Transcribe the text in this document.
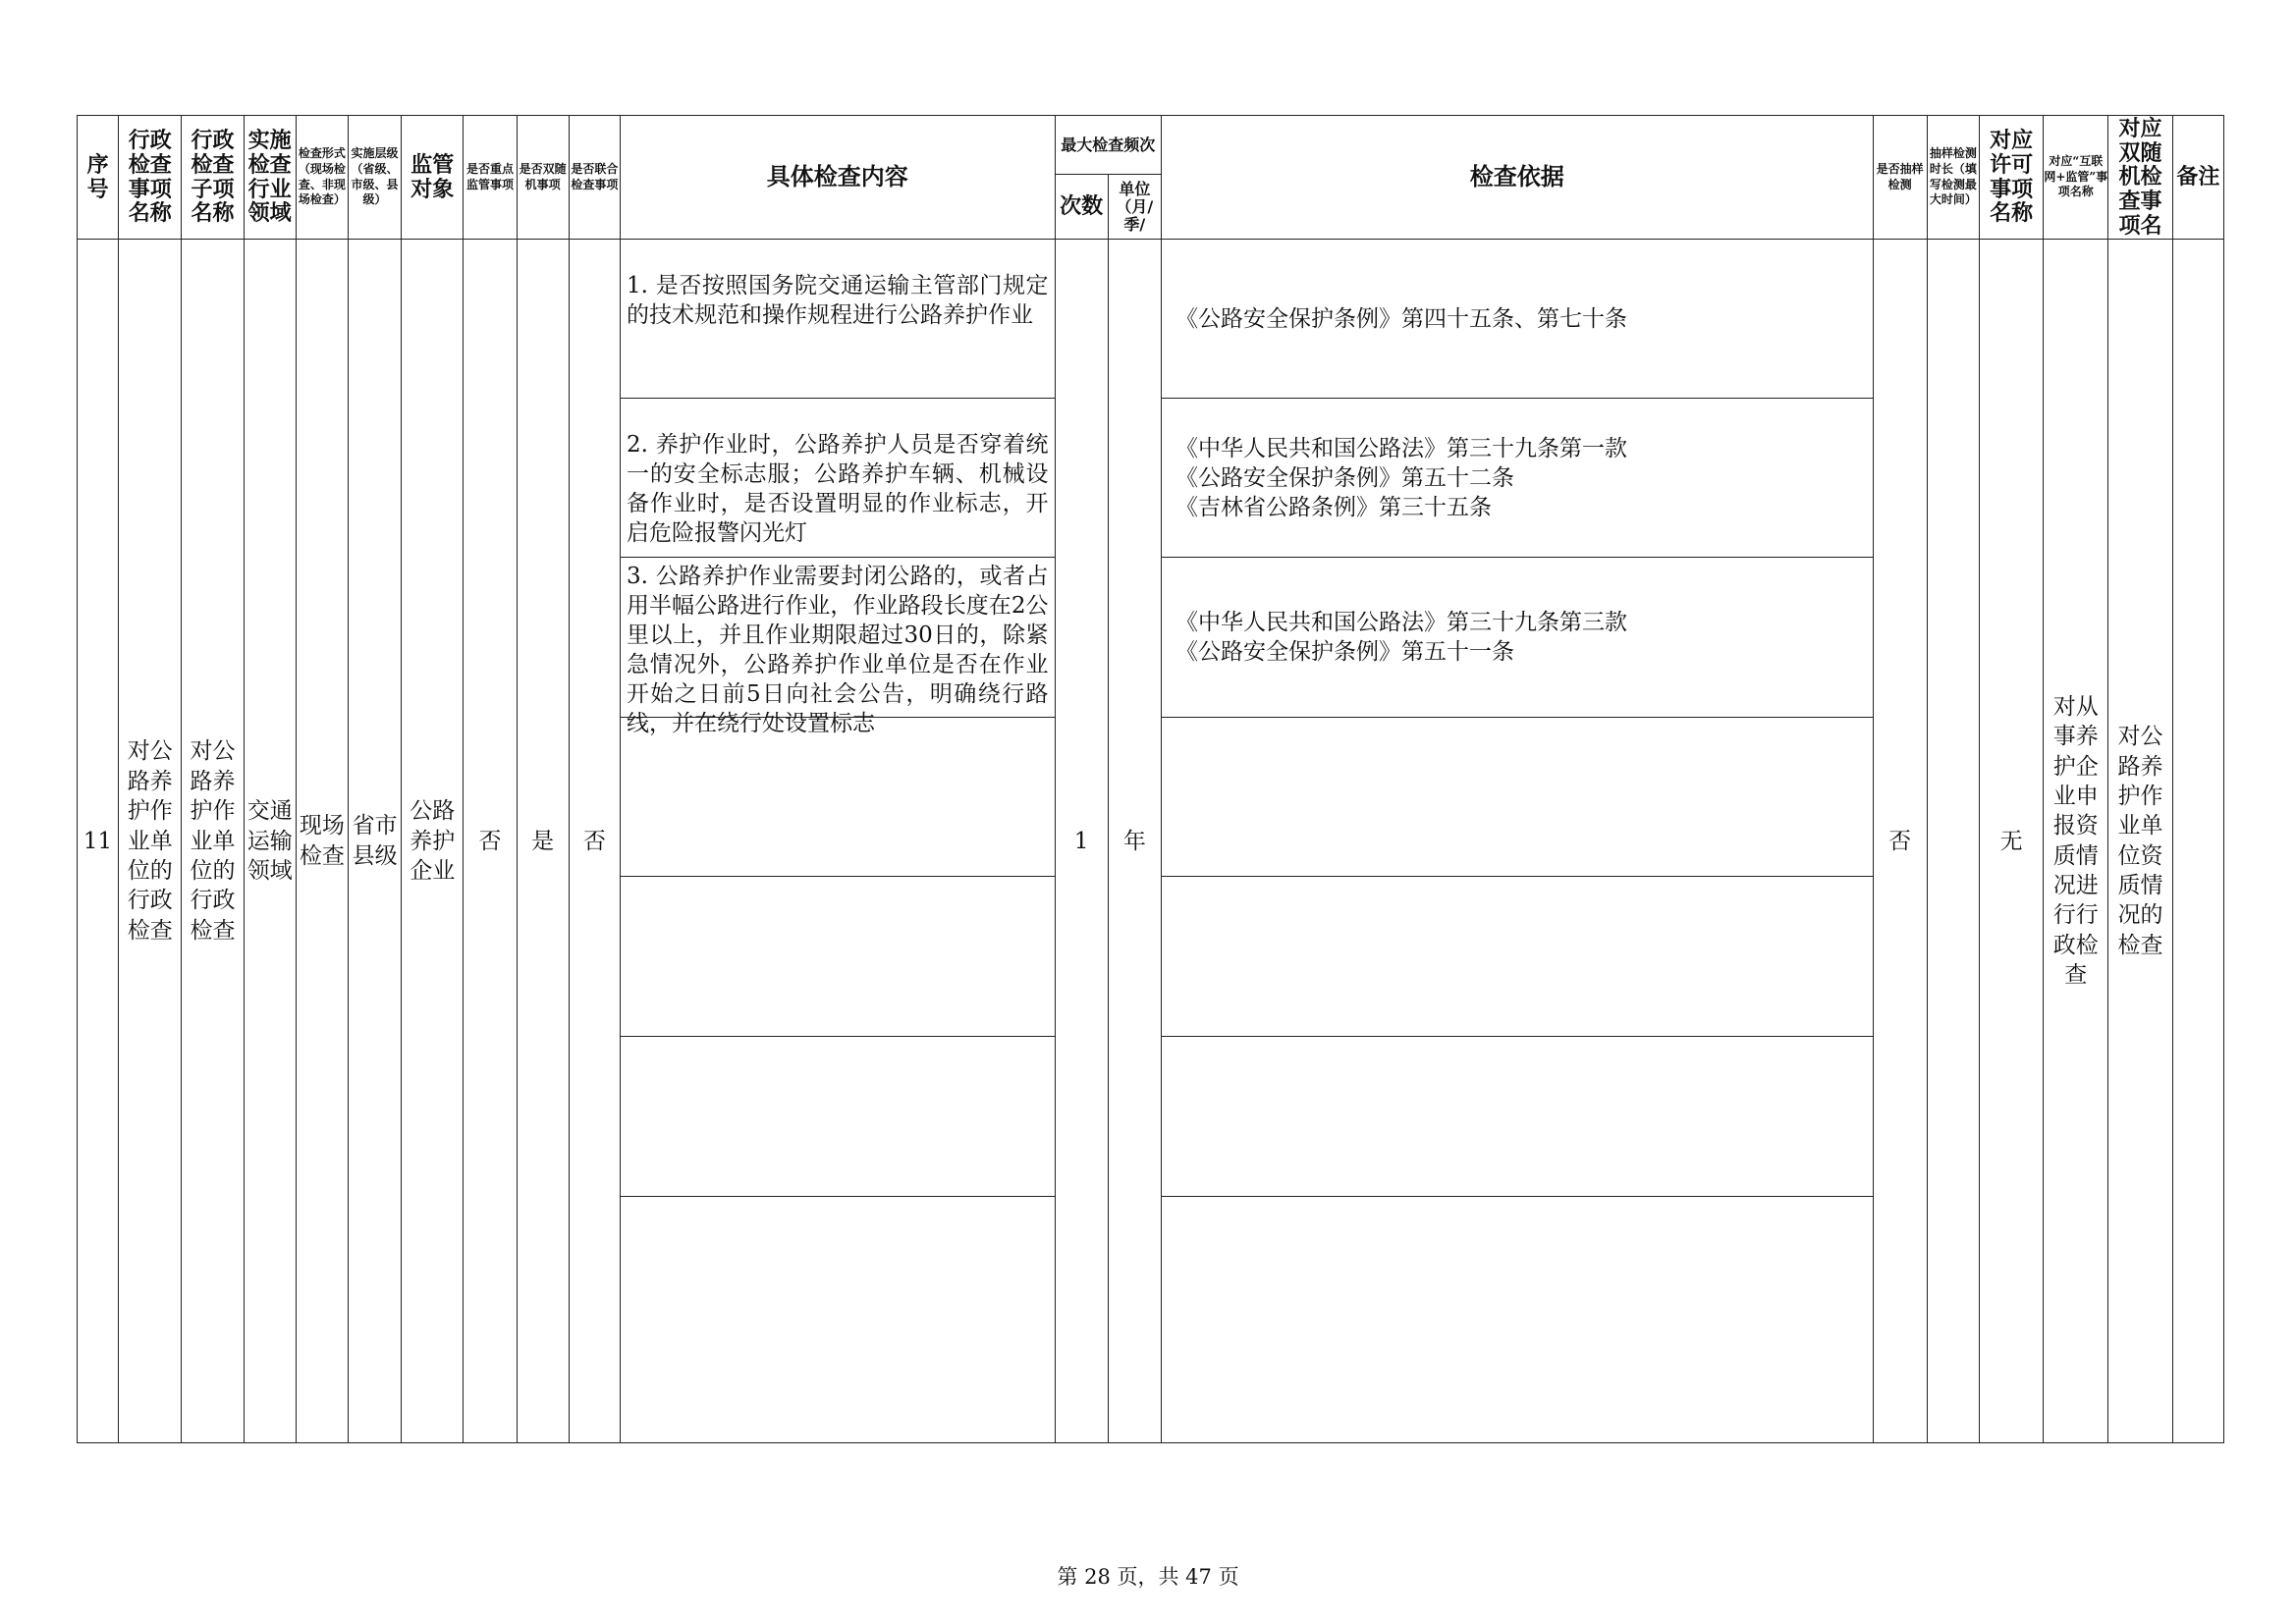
序号	行政检查事项名称	行政检查子项名称	实施检查行业领域	检查形式（现场检查、非现场检查）	实施层级（省级、市级、县级）	监管对象	是否重点监管事项	是否双随机事项	是否联合检查事项	具体检查内容	最大检查频次		检查依据	是否抽样检测	抽样检测时长（填写检测最大时间）	对应许可事项名称	对应“互联网+监管”事项名称	对应双随机检查事项名	备注
											次数	单位（月/季/							
11	对公路养护作业单位的行政检查	对公路养护作业单位的行政检查	交通运输领域	现场检查	省市县级	公路养护企业	否	是	否	1. 是否按照国务院交通运输主管部门规定的技术规范和操作规程进行公路养护作业	1	年	《公路安全保护条例》第四十五条、第七十条	否		无	对从事养护企业申报资质情况进行行政检查	对公路养护作业单位资质情况的检查	

										2. 养护作业时，公路养护人员是否穿着统一的安全标志服；公路养护车辆、机械设备作业时，是否设置明显的作业标志，开启危险报警闪光灯			《中华人民共和国公路法》第三十九条第一款
《公路安全保护条例》第五十二条
《吉林省公路条例》第三十五条						

										3. 公路养护作业需要封闭公路的，或者占用半幅公路进行作业，作业路段长度在2公里以上，并且作业期限超过30日的，除紧急情况外，公路养护作业单位是否在作业开始之日前5日向社会公告，明确绕行路线，并在绕行处设置标志			《中华人民共和国公路法》第三十九条第三款
《公路安全保护条例》第五十一条						

第 28 页，共 47 页
